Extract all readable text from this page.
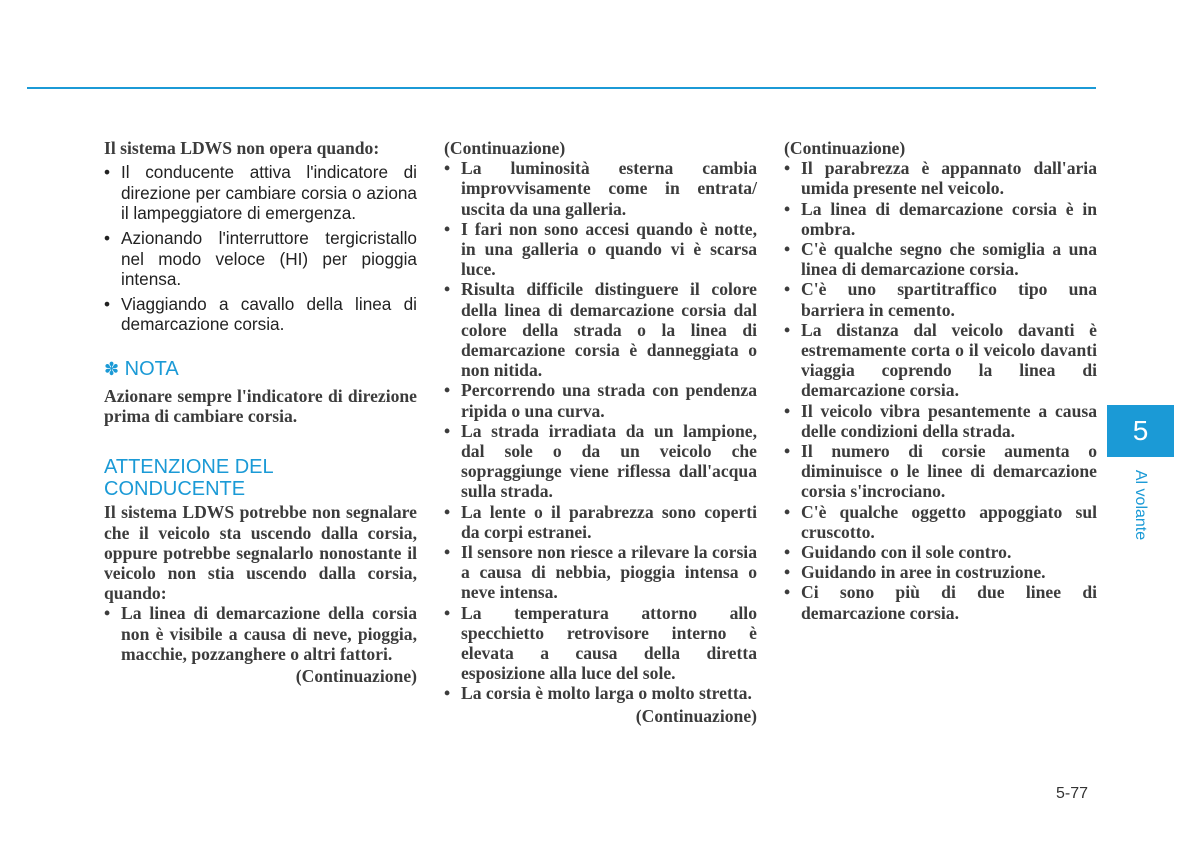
Il sistema LDWS non opera quando:

• Il conducente attiva l'indicatore di direzione per cambiare corsia o aziona il lampeggiatore di emergenza.
• Azionando l'interruttore tergicristallo nel modo veloce (HI) per pioggia intensa.
• Viaggiando a cavallo della linea di demarcazione corsia.
✽ NOTA

Azionare sempre l'indicatore di direzione prima di cambiare corsia.

ATTENZIONE DEL CONDUCENTE

Il sistema LDWS potrebbe non segnalare che il veicolo sta uscendo dalla corsia, oppure potrebbe segnalarlo nonostante il veicolo non stia uscendo dalla corsia, quando:

• La linea di demarcazione della corsia non è visibile a causa di neve, pioggia, macchie, pozzanghere o altri fattori.

(Continuazione)

(Continuazione)

• La luminosità esterna cambia improvvisamente come in entrata/ uscita da una galleria.
• I fari non sono accesi quando è notte, in una galleria o quando vi è scarsa luce.
• Risulta difficile distinguere il colore della linea di demarcazione corsia dal colore della strada o la linea di demarcazione corsia è danneggiata o non nitida.
• Percorrendo una strada con pendenza ripida o una curva.
• La strada irradiata da un lampione, dal sole o da un veicolo che sopraggiunge viene riflessa dall'acqua sulla strada.
• La lente o il parabrezza sono coperti da corpi estranei.
• Il sensore non riesce a rilevare la corsia a causa di nebbia, pioggia intensa o neve intensa.
• La temperatura attorno allo specchietto retrovisore interno è elevata a causa della diretta esposizione alla luce del sole.
• La corsia è molto larga o molto stretta.

(Continuazione)

(Continuazione)

• Il parabrezza è appannato dall'aria umida presente nel veicolo.
• La linea di demarcazione corsia è in ombra.
• C'è qualche segno che somiglia a una linea di demarcazione corsia.
• C'è uno spartitraffico tipo una barriera in cemento.
• La distanza dal veicolo davanti è estremamente corta o il veicolo davanti viaggia coprendo la linea di demarcazione corsia.
• Il veicolo vibra pesantemente a causa delle condizioni della strada.
• Il numero di corsie aumenta o diminuisce o le linee di demarcazione corsia s'incrociano.
• C'è qualche oggetto appoggiato sul cruscotto.
• Guidando con il sole contro.
• Guidando in aree in costruzione.
• Ci sono più di due linee di demarcazione corsia.
5
Al volante
5-77
